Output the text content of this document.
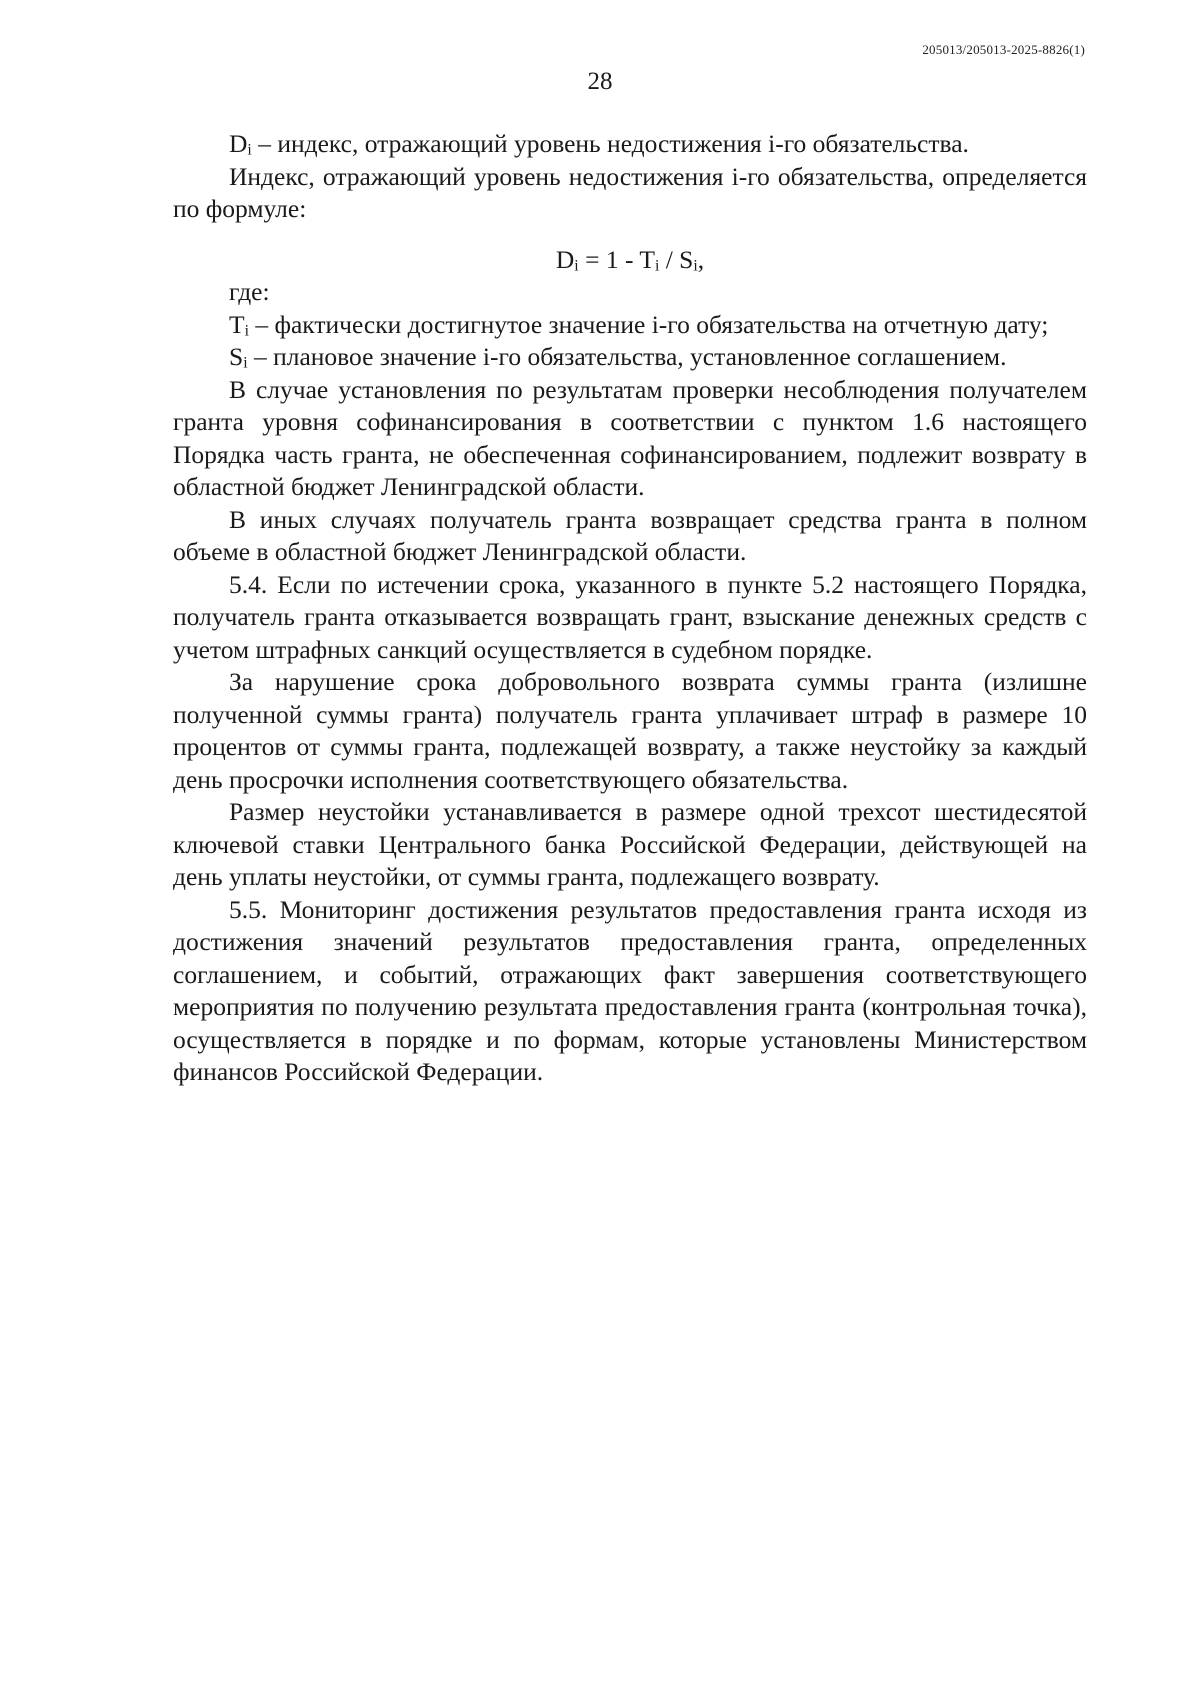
205013/205013-2025-8826(1)
28

$D_i$ – индекс, отражающий уровень недостижения i-го обязательства.

Индекс, отражающий уровень недостижения i-го обязательства, определяется по формуле:

$D_i = 1 - T_i / S_i$,

где:

$T_i$ – фактически достигнутое значение i-го обязательства на отчетную дату;

$S_i$ – плановое значение i-го обязательства, установленное соглашением.

В случае установления по результатам проверки несоблюдения получателем гранта уровня софинансирования в соответствии с пунктом 1.6 настоящего Порядка часть гранта, не обеспеченная софинансированием, подлежит возврату в областной бюджет Ленинградской области.

В иных случаях получатель гранта возвращает средства гранта в полном объеме в областной бюджет Ленинградской области.

5.4. Если по истечении срока, указанного в пункте 5.2 настоящего Порядка, получатель гранта отказывается возвращать грант, взыскание денежных средств с учетом штрафных санкций осуществляется в судебном порядке.

За нарушение срока добровольного возврата суммы гранта (излишне полученной суммы гранта) получатель гранта уплачивает штраф в размере 10 процентов от суммы гранта, подлежащей возврату, а также неустойку за каждый день просрочки исполнения соответствующего обязательства.

Размер неустойки устанавливается в размере одной трехсот шестидесятой ключевой ставки Центрального банка Российской Федерации, действующей на день уплаты неустойки, от суммы гранта, подлежащего возврату.

5.5. Мониторинг достижения результатов предоставления гранта исходя из достижения значений результатов предоставления гранта, определенных соглашением, и событий, отражающих факт завершения соответствующего мероприятия по получению результата предоставления гранта (контрольная точка), осуществляется в порядке и по формам, которые установлены Министерством финансов Российской Федерации.
